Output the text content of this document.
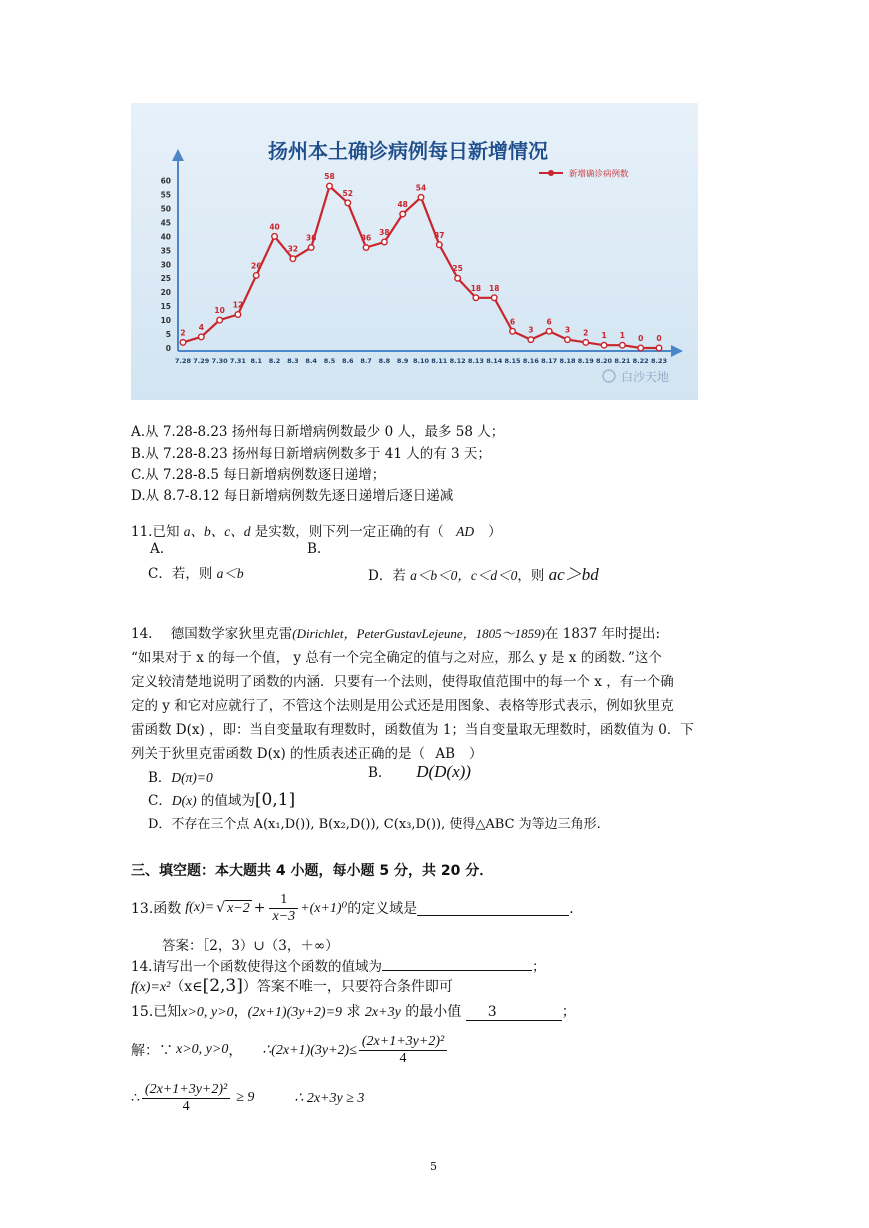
扬州本土确诊病例每日新增情况
新增确诊病例数
0
5
10
15
20
25
30
35
40
45
50
55
60
7.28 7.29 7.30 7.31 8.1 8.2 8.3 8.4 8.5 8.6 8.7 8.8 8.9 8.10 8.11 8.12 8.13 8.14 8.15 8.16 8.17 8.18 8.19 8.20 8.21 8.22 8.23
2
4
10
12
26
40
32
36
58
52
36
38
48
54
37
25
18 18
6
3
6
3 2 1 1 0 0
白沙天地
A.从 7.28-8.23 扬州每日新增病例数最少 0 人，最多 58 人；
B.从 7.28-8.23 扬州每日新增病例数多于 41 人的有 3 天；
C.从 7.28-8.5 每日新增病例数逐日递增；
D.从 8.7-8.12 每日新增病例数先逐日递增后逐日递减
11.已知 a、b、c、d 是实数，则下列一定正确的有（ AD ）
A.	B.
C．若，则 a＜b	D．若 a＜b＜0，c＜d＜0，则 ac＞bd
14. 德国数学家狄里克雷(Dirichlet，PeterGustavLejeune，1805～1859)在 1837 年时提出:
“如果对于 x 的每一个值， y 总有一个完全确定的值与之对应，那么 y 是 x 的函数．”这个
定义较清楚地说明了函数的内涵．只要有一个法则，使得取值范围中的每一个 x ，有一个确
定的 y 和它对应就行了，不管这个法则是用公式还是用图象、表格等形式表示，例如狄里克
雷函数 D(x) ，即：当自变量取有理数时，函数值为 1；当自变量取无理数时，函数值为 0．下
列关于狄里克雷函数 D(x) 的性质表述正确的是（ AB ）
B．D(π)=0	B. D(D(x))
C．D(x) 的值域为[0,1]
D．不存在三个点 A(x₁,D()), B(x₂,D()), C(x₃,D()), 使得△ABC 为等边三角形.
三、填空题：本大题共 4 小题，每小题 5 分，共 20 分．
13.函数 f(x)= √ $x-2 + \frac{1}{x-3} +(x+1)^0$ 的定义域是	．
答案：［2，3）∪（3，＋∞）
14.请写出一个函数使得这个函数的值域为	；
f(x)=x²（x∈[2,3]）答案不唯一，只要符合条件即可
15.已知x>0, y>0，(2x+1)(3y+2)=9 求 2x+3y 的最小值 3	；
解：∵ x>0, y>0 ， ∴(2x+1)(3y+2)≤ $\frac{\text{(2x+1+3y+2)²}}{4}$
∴ $\frac{\text{(2x+1+3y+2)²}}{4} \ge 9$	∴ 2x+3y ≥ 3
5
